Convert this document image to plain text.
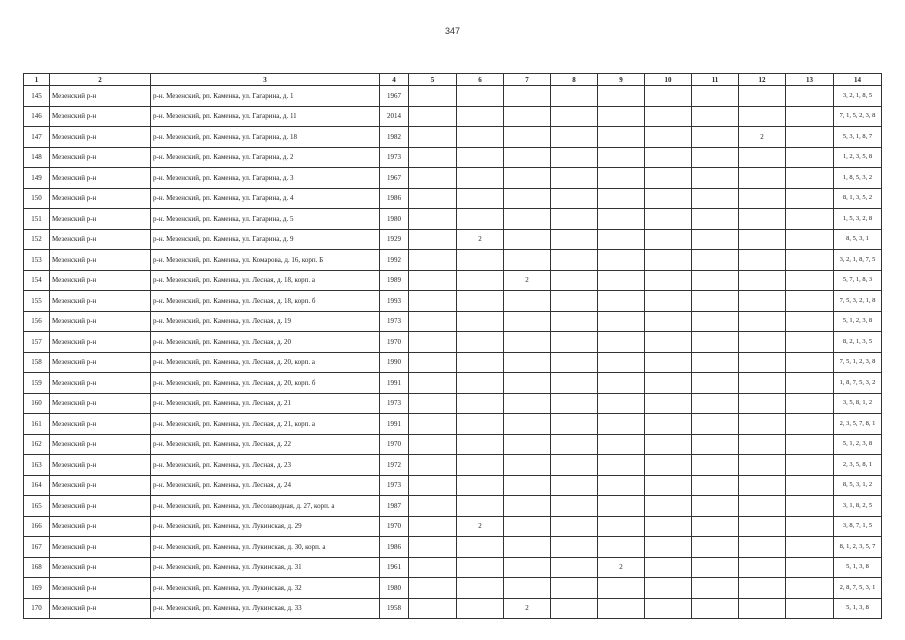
347
1	2	3	4	5	6	7	8	9	10	11	12	13	14
145	Мезенский р-н	р-н. Мезенский, рп. Каменка, ул. Гагарина, д. 1	1967										3, 2, 1, 8, 5
146	Мезенский р-н	р-н. Мезенский, рп. Каменка, ул. Гагарина, д. 11	2014										7, 1, 5, 2, 3, 8
147	Мезенский р-н	р-н. Мезенский, рп. Каменка, ул. Гагарина, д. 18	1982								2		5, 3, 1, 8, 7
148	Мезенский р-н	р-н. Мезенский, рп. Каменка, ул. Гагарина, д. 2	1973										1, 2, 3, 5, 8
149	Мезенский р-н	р-н. Мезенский, рп. Каменка, ул. Гагарина, д. 3	1967										1, 8, 5, 3, 2
150	Мезенский р-н	р-н. Мезенский, рп. Каменка, ул. Гагарина, д. 4	1986										8, 1, 3, 5, 2
151	Мезенский р-н	р-н. Мезенский, рп. Каменка, ул. Гагарина, д. 5	1980										1, 5, 3, 2, 8
152	Мезенский р-н	р-н. Мезенский, рп. Каменка, ул. Гагарина, д. 9	1929		2								8, 5, 3, 1
153	Мезенский р-н	р-н. Мезенский, рп. Каменка, ул. Комарова, д. 16, корп. Б	1992										3, 2, 1, 8, 7, 5
154	Мезенский р-н	р-н. Мезенский, рп. Каменка, ул. Лесная, д. 18, корп. а	1989			2							5, 7, 1, 8, 3
155	Мезенский р-н	р-н. Мезенский, рп. Каменка, ул. Лесная, д. 18, корп. б	1993										7, 5, 3, 2, 1, 8
156	Мезенский р-н	р-н. Мезенский, рп. Каменка, ул. Лесная, д. 19	1973										5, 1, 2, 3, 8
157	Мезенский р-н	р-н. Мезенский, рп. Каменка, ул. Лесная, д. 20	1970										8, 2, 1, 3, 5
158	Мезенский р-н	р-н. Мезенский, рп. Каменка, ул. Лесная, д. 20, корп. а	1990										7, 5, 1, 2, 3, 8
159	Мезенский р-н	р-н. Мезенский, рп. Каменка, ул. Лесная, д. 20, корп. б	1991										1, 8, 7, 5, 3, 2
160	Мезенский р-н	р-н. Мезенский, рп. Каменка, ул. Лесная, д. 21	1973										3, 5, 8, 1, 2
161	Мезенский р-н	р-н. Мезенский, рп. Каменка, ул. Лесная, д. 21, корп. а	1991										2, 3, 5, 7, 8, 1
162	Мезенский р-н	р-н. Мезенский, рп. Каменка, ул. Лесная, д. 22	1970										5, 1, 2, 3, 8
163	Мезенский р-н	р-н. Мезенский, рп. Каменка, ул. Лесная, д. 23	1972										2, 3, 5, 8, 1
164	Мезенский р-н	р-н. Мезенский, рп. Каменка, ул. Лесная, д. 24	1973										8, 5, 3, 1, 2
165	Мезенский р-н	р-н. Мезенский, рп. Каменка, ул. Лесозаводная, д. 27, корп. а	1987										3, 1, 8, 2, 5
166	Мезенский р-н	р-н. Мезенский, рп. Каменка, ул. Лукинская, д. 29	1970		2								3, 8, 7, 1, 5
167	Мезенский р-н	р-н. Мезенский, рп. Каменка, ул. Лукинская, д. 30, корп. а	1986										8, 1, 2, 3, 5, 7
168	Мезенский р-н	р-н. Мезенский, рп. Каменка, ул. Лукинская, д. 31	1961					2					5, 1, 3, 8
169	Мезенский р-н	р-н. Мезенский, рп. Каменка, ул. Лукинская, д. 32	1980										2, 8, 7, 5, 3, 1
170	Мезенский р-н	р-н. Мезенский, рп. Каменка, ул. Лукинская, д. 33	1958			2							5, 1, 3, 8
